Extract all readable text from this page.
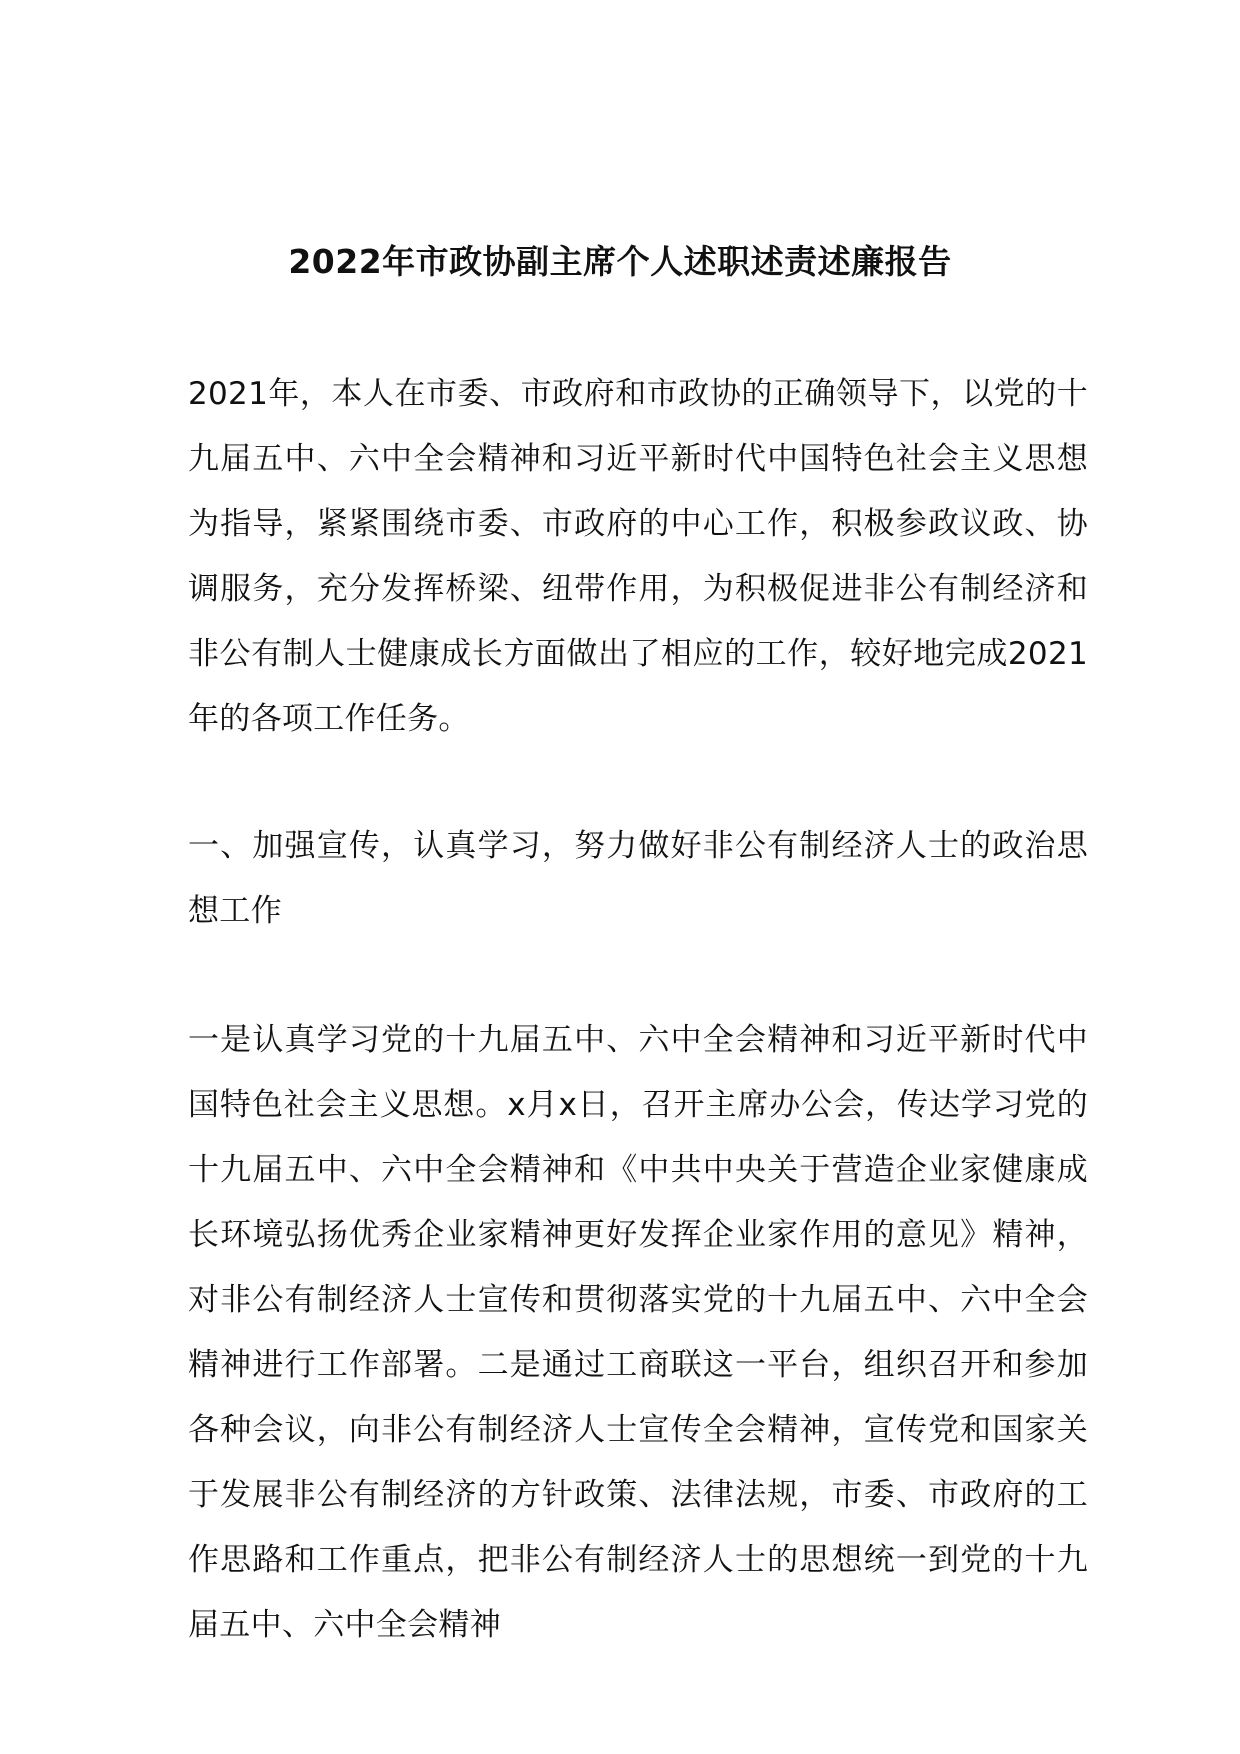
2022年市政协副主席个人述职述责述廉报告
2021年，本人在市委、市政府和市政协的正确领导下，以党的十九届五中、六中全会精神和习近平新时代中国特色社会主义思想为指导，紧紧围绕市委、市政府的中心工作，积极参政议政、协调服务，充分发挥桥梁、纽带作用，为积极促进非公有制经济和非公有制人士健康成长方面做出了相应的工作，较好地完成2021年的各项工作任务。
一、加强宣传，认真学习，努力做好非公有制经济人士的政治思想工作
一是认真学习党的十九届五中、六中全会精神和习近平新时代中国特色社会主义思想。x月x日，召开主席办公会，传达学习党的十九届五中、六中全会精神和《中共中央关于营造企业家健康成长环境弘扬优秀企业家精神更好发挥企业家作用的意见》精神，对非公有制经济人士宣传和贯彻落实党的十九届五中、六中全会精神进行工作部署。二是通过工商联这一平台，组织召开和参加各种会议，向非公有制经济人士宣传全会精神，宣传党和国家关于发展非公有制经济的方针政策、法律法规，市委、市政府的工作思路和工作重点，把非公有制经济人士的思想统一到党的十九届五中、六中全会精神
